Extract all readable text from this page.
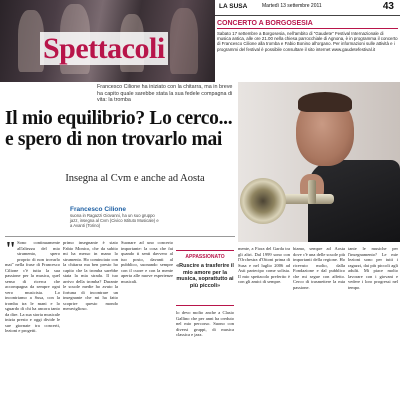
Spettacoli
LA SUSA	Martedì 13 settembre 2011	43
CONCERTO A BORGOSESIA
Sabato 17 settembre a Borgosesia, nell'ambito di "Gaudete" Festival Internazionale di musica antica, alle ore 21.00 nella chiesa parrocchiale di Agnona, è in programma il concerto di Francesco Cilione alla tromba e Fabio Bonino all'organo. Per informazioni sulle attività e i programmi del festival è possibile consultare il sito internet www.gaudetefestival.it
Francesco Cilione ha iniziato con la chitarra, ma in breve ha capito quale sarebbe stata la sua fedele compagna di vita: la tromba
Il mio equilibrio? Lo cerco... e spero di non trovarlo mai
Insegna al Cvm e anche ad Aosta
Francesco Cilione
suona in Ragazzi Giovanni, ha un suo gruppo jazz, insegna al Cvm (Civico Istituto Musicale) e a Avanti (Torino)
APPASSIONATO
«Ruscire a trasferire il mio amore per la musica, soprattutto ai più piccoli»
" Sono continuamente all'altezza del mio strumento, spero proprio di non trovarlo mai" nella frase di Francesco Cilione c'è tutta la sua passione per la musica, quel senso di ricerca che accompagna da sempre ogni vero musicista. Lo incontriamo a Susa, con la tromba tra le mani e lo sguardo di chi ha ancora tanto da dire. La sua storia musicale inizia presto e oggi divide le sue giornate tra concerti, lezioni e progetti.

primo insegnante è stato Fabio Monico, che da subito mi ha messo in mano lo strumento. Ho cominciato con la chitarra ma ben presto ho capito che la tromba sarebbe stata la mia strada. Il tuo arrivo della tromba? Durante le scuole medie ho avuto la fortuna di incontrare un insegnante che mi ha fatto scoprire questo mondo meraviglioso.

Suonare ad uno concerto importante: la cosa che fai quando ti senti davvero al tuo posto, davanti al pubblico, suonando sempre con il cuore e con la mente aperta alle nuove esperienze musicali.

lo devo molto anche a Clasio Gallino che per anni ha creduto nel mio percorso. Suono con diversi gruppi, di musica classica e jazz.

mente, a Fiora del Garda tra gli altri. Dal 1999 sono con l'Orchestra d'Ottoni prima di Susa e nel luglio 2006 ad Asti partecipo come solista. Il mio spettacolo preferito è con gli amici di sempre.

biamo, sempre ad Aosta dove c'è una delle scuole più importanti della regione. Ho ricevuto molto, dalla Fondazione e dal pubblico che mi segue con affetto. Cerco di trasmettere la mia passione.

tante le musiche per l'insegnamento? Le mie lezioni sono per tutti i ragazzi, dai più piccoli agli adulti. Mi piace molto lavorare con i giovani e vedere i loro progressi nel tempo.
